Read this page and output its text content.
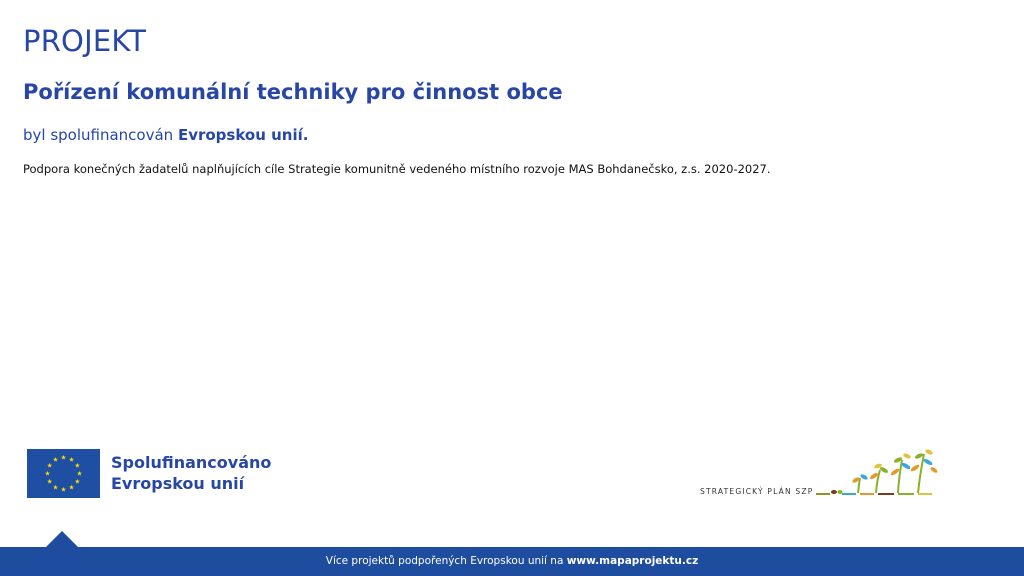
PROJEKT
Pořízení komunální techniky pro činnost obce
byl spolufinancován Evropskou unií.
Podpora konečných žadatelů naplňujících cíle Strategie komunitně vedeného místního rozvoje MAS Bohdanečsko, z.s. 2020-2027.
Spolufinancováno
Evropskou unií	STRATEGICKÝ PLÁN SZP
Více projektů podpořených Evropskou unií na www.mapaprojektu.cz
